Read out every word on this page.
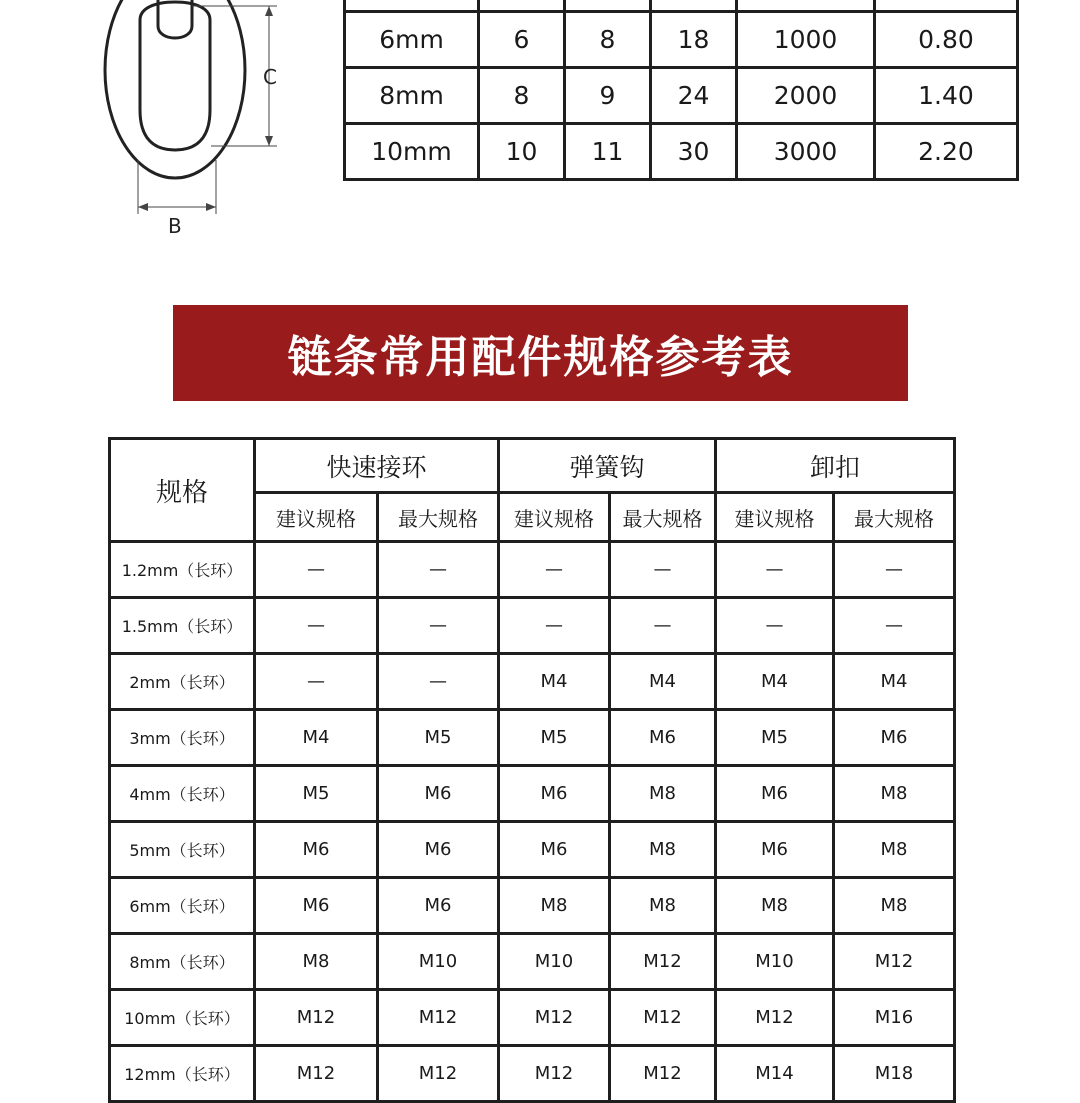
C
B

6mm	6	8	18	1000	0.80
8mm	8	9	24	2000	1.40
10mm	10	11	30	3000	2.20
链条常用配件规格参考表
规格	快速接环		弹簧钩		卸扣	
	建议规格	最大规格	建议规格	最大规格	建议规格	最大规格
1.2mm（长环）	—	—	—	—	—	—
1.5mm（长环）	—	—	—	—	—	—
2mm（长环）	—	—	M4	M4	M4	M4
3mm（长环）	M4	M5	M5	M6	M5	M6
4mm（长环）	M5	M6	M6	M8	M6	M8
5mm（长环）	M6	M6	M6	M8	M6	M8
6mm（长环）	M6	M6	M8	M8	M8	M8
8mm（长环）	M8	M10	M10	M12	M10	M12
10mm（长环）	M12	M12	M12	M12	M12	M16
12mm（长环）	M12	M12	M12	M12	M14	M18
